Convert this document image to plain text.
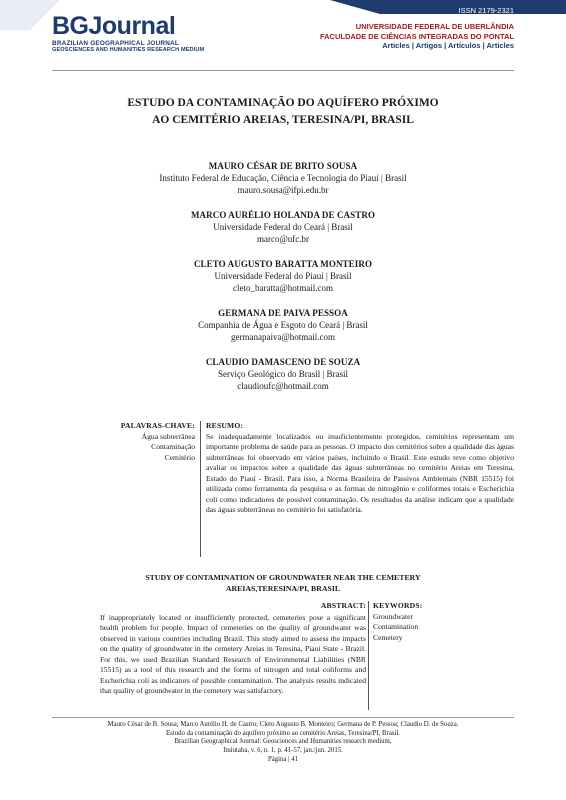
ISSN 2179-2321
BGJournal
BRAZILIAN GEOGRAPHICAL JOURNAL
GEOSCIENCES AND HUMANITIES RESEARCH MEDIUM
UNIVERSIDADE FEDERAL DE UBERLÂNDIA
FACULDADE DE CIÊNCIAS INTEGRADAS DO PONTAL
Articles | Artigos | Artículos | Articles
ESTUDO DA CONTAMINAÇÃO DO AQUÍFERO PRÓXIMO
AO CEMITÉRIO AREIAS, TERESINA/PI, BRASIL
MAURO CÉSAR DE BRITO SOUSA
Instituto Federal de Educação, Ciência e Tecnologia do Piauí | Brasil
mauro.sousa@ifpi.edu.br
MARCO AURÉLIO HOLANDA DE CASTRO
Universidade Federal do Ceará | Brasil
marco@ufc.br
CLETO AUGUSTO BARATTA MONTEIRO
Universidade Federal do Piauí | Brasil
cleto_baratta@hotmail.com
GERMANA DE PAIVA PESSOA
Companhia de Água e Esgoto do Ceará | Brasil
germanapaiva@hotmail.com
CLAUDIO DAMASCENO DE SOUZA
Serviço Geológico do Brasil | Brasil
claudioufc@hotmail.com
PALAVRAS-CHAVE:
Água subterrânea
Contaminação
Cemitério
RESUMO:
Se inadequadamente localizados ou insuficientemente protegidos, cemitérios representam um importante problema de saúde para as pessoas. O impacto dos cemitérios sobre a qualidade das águas subterrâneas foi observado em vários países, incluindo o Brasil. Este estudo teve como objetivo avaliar os impactos sobre a qualidade das águas subterrâneas no cemitério Areias em Teresina, Estado do Piauí - Brasil. Para isso, a Norma Brasileira de Passivos Ambientais (NBR 15515) foi utilizada como ferramenta da pesquisa e as formas de nitrogênio e coliformes totais e Escherichia coli como indicadores de possível contaminação. Os resultados da análise indicam que a qualidade das águas subterrâneas no cemitério foi satisfatória.
STUDY OF CONTAMINATION OF GROUNDWATER NEAR THE CEMETERY
AREIAS,TERESINA/PI, BRASIL
ABSTRACT:
If inappropriately located or insufficiently protected, cemeteries pose a significant health problem for people. Impact of cemeteries on the quality of groundwater was observed in various countries including Brazil. This study aimed to assess the impacts on the quality of groundwater in the cemetery Areias in Teresina, Piaui State - Brazil. For this, we used Brazilian Standard Research of Environmental Liabilities (NBR 15515) as a tool of this research and the forms of nitrogen and total coliforms and Escherichia coli as indicators of possible contamination. The analysis results indicated that quality of groundwater in the cemetery was satisfactory.
KEYWORDS:
Groundwater
Contamination
Cemetery
Mauro César de B. Sousa; Marco Aurélio H. de Castro; Cleto Augusto B. Monteiro; Germana de P. Pessoa; Claudio D. de Souza.
Estudo da contaminação do aquífero próximo ao cemitério Areias, Teresina/PI, Brasil.
Brazilian Geographical Journal: Geosciences and Humanities research medium,
Ituiutaba, v. 6, n. 1, p. 41-57, jan./jun. 2015.
Página | 41
